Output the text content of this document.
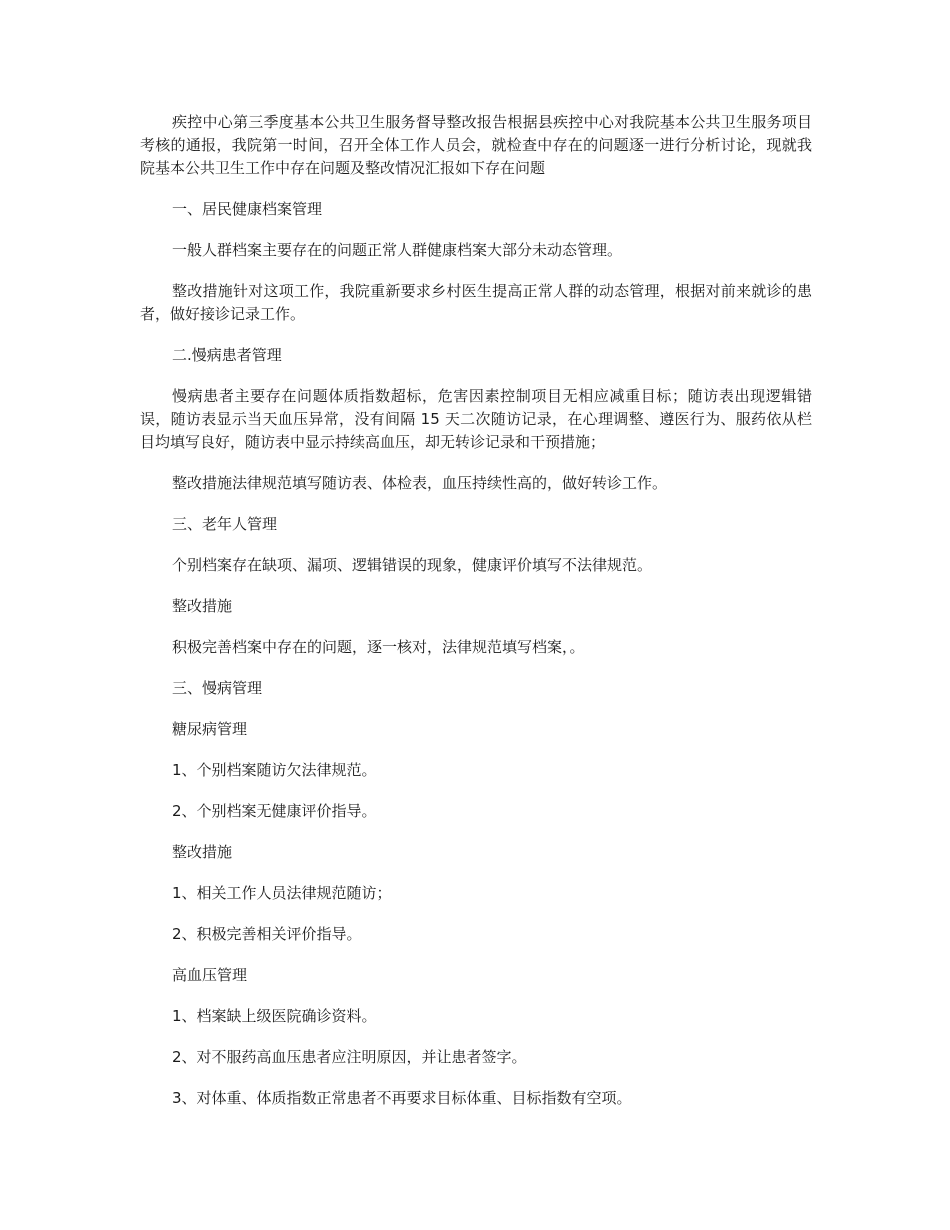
疾控中心第三季度基本公共卫生服务督导整改报告根据县疾控中心对我院基本公共卫生服务项目考核的通报，我院第一时间，召开全体工作人员会，就检查中存在的问题逐一进行分析讨论，现就我院基本公共卫生工作中存在问题及整改情况汇报如下存在问题

一、居民健康档案管理

一般人群档案主要存在的问题正常人群健康档案大部分未动态管理。

整改措施针对这项工作，我院重新要求乡村医生提高正常人群的动态管理，根据对前来就诊的患者，做好接诊记录工作。

二.慢病患者管理

慢病患者主要存在问题体质指数超标，危害因素控制项目无相应减重目标；随访表出现逻辑错误，随访表显示当天血压异常，没有间隔 15 天二次随访记录，在心理调整、遵医行为、服药依从栏目均填写良好，随访表中显示持续高血压，却无转诊记录和干预措施；

整改措施法律规范填写随访表、体检表，血压持续性高的，做好转诊工作。

三、老年人管理

个别档案存在缺项、漏项、逻辑错误的现象，健康评价填写不法律规范。

整改措施

积极完善档案中存在的问题，逐一核对，法律规范填写档案，。

三、慢病管理

糖尿病管理

1、个别档案随访欠法律规范。

2、个别档案无健康评价指导。

整改措施

1、相关工作人员法律规范随访；

2、积极完善相关评价指导。

高血压管理

1、档案缺上级医院确诊资料。

2、对不服药高血压患者应注明原因，并让患者签字。

3、对体重、体质指数正常患者不再要求目标体重、目标指数有空项。
